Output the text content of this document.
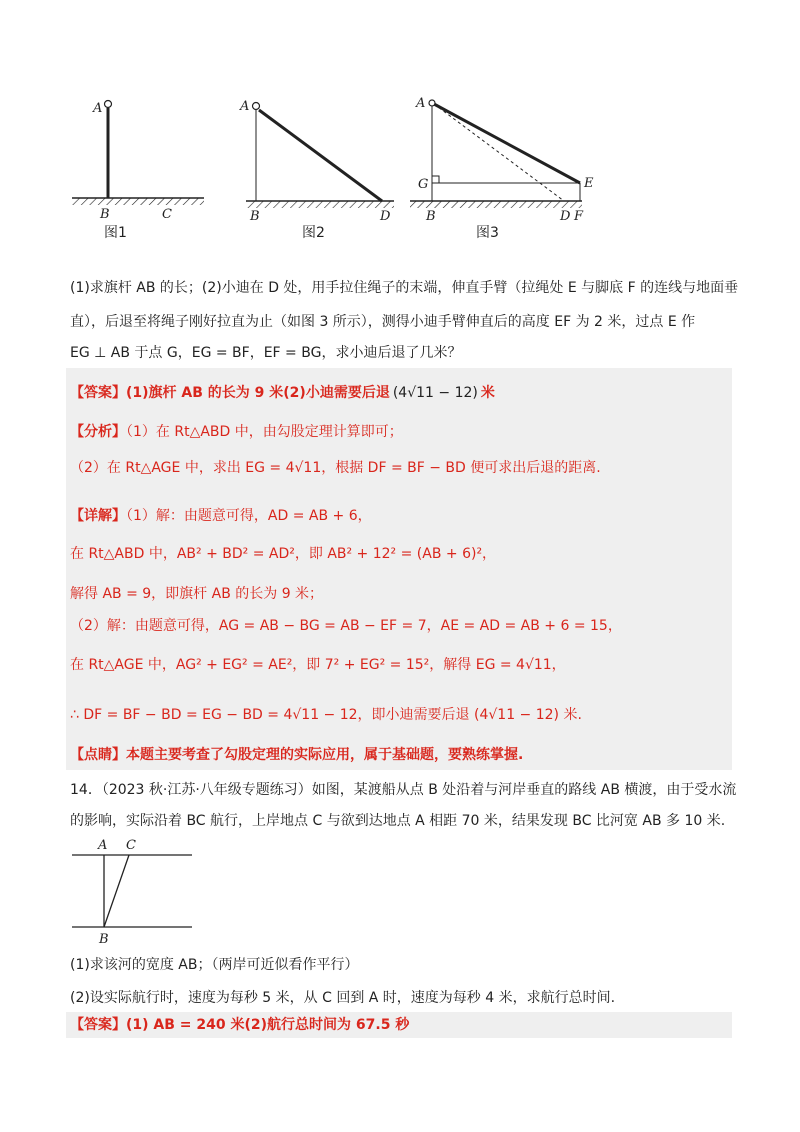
A
B	C
A
B	D
A
G	E
B	D F
图1	图2	图3
(1)求旗杆 AB 的长；(2)小迪在 D 处，用手拉住绳子的末端，伸直手臂（拉绳处 E 与脚底 F 的连线与地面垂
直），后退至将绳子刚好拉直为止（如图 3 所示），测得小迪手臂伸直后的高度 EF 为 2 米，过点 E 作
EG ⊥ AB 于点 G，EG = BF，EF = BG，求小迪后退了几米？
【答案】(1)旗杆 AB 的长为 9 米(2)小迪需要后退 (4√11 − 12) 米
【分析】（1）在 Rt△ABD 中，由勾股定理计算即可；
（2）在 Rt△AGE 中，求出 EG = 4√11，根据 DF = BF − BD 便可求出后退的距离.
【详解】（1）解：由题意可得，AD = AB + 6，
在 Rt△ABD 中，AB² + BD² = AD²，即 AB² + 12² = (AB + 6)²，
解得 AB = 9，即旗杆 AB 的长为 9 米；
（2）解：由题意可得，AG = AB − BG = AB − EF = 7，AE = AD = AB + 6 = 15，
在 Rt△AGE 中，AG² + EG² = AE²，即 7² + EG² = 15²，解得 EG = 4√11，
∴ DF = BF − BD = EG − BD = 4√11 − 12，即小迪需要后退 (4√11 − 12) 米.
【点睛】本题主要考查了勾股定理的实际应用，属于基础题，要熟练掌握.
14．（2023 秋·江苏·八年级专题练习）如图，某渡船从点 B 处沿着与河岸垂直的路线 AB 横渡，由于受水流
的影响，实际沿着 BC 航行，上岸地点 C 与欲到达地点 A 相距 70 米，结果发现 BC 比河宽 AB 多 10 米.
A C
B
(1)求该河的宽度 AB；（两岸可近似看作平行）
(2)设实际航行时，速度为每秒 5 米，从 C 回到 A 时，速度为每秒 4 米，求航行总时间.
【答案】(1) AB = 240 米(2)航行总时间为 67.5 秒
